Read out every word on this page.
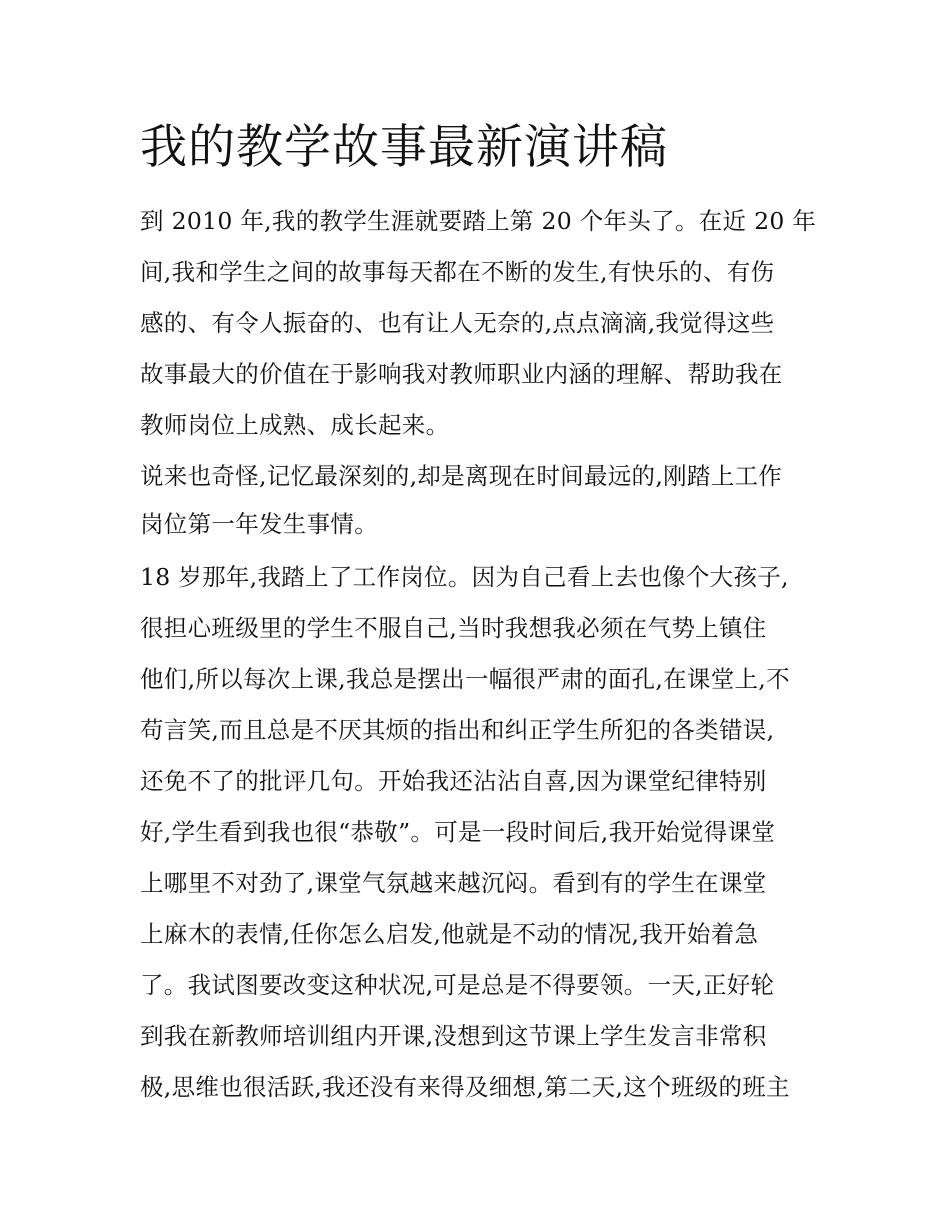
我的教学故事最新演讲稿
到 2010 年,我的教学生涯就要踏上第 20 个年头了。在近 20 年
间,我和学生之间的故事每天都在不断的发生,有快乐的、有伤
感的、有令人振奋的、也有让人无奈的,点点滴滴,我觉得这些
故事最大的价值在于影响我对教师职业内涵的理解、帮助我在
教师岗位上成熟、成长起来。
说来也奇怪,记忆最深刻的,却是离现在时间最远的,刚踏上工作
岗位第一年发生事情。
18 岁那年,我踏上了工作岗位。因为自己看上去也像个大孩子,
很担心班级里的学生不服自己,当时我想我必须在气势上镇住
他们,所以每次上课,我总是摆出一幅很严肃的面孔,在课堂上,不
苟言笑,而且总是不厌其烦的指出和纠正学生所犯的各类错误,
还免不了的批评几句。开始我还沾沾自喜,因为课堂纪律特别
好,学生看到我也很“恭敬”。可是一段时间后,我开始觉得课堂
上哪里不对劲了,课堂气氛越来越沉闷。看到有的学生在课堂
上麻木的表情,任你怎么启发,他就是不动的情况,我开始着急
了。我试图要改变这种状况,可是总是不得要领。一天,正好轮
到我在新教师培训组内开课,没想到这节课上学生发言非常积
极,思维也很活跃,我还没有来得及细想,第二天,这个班级的班主
